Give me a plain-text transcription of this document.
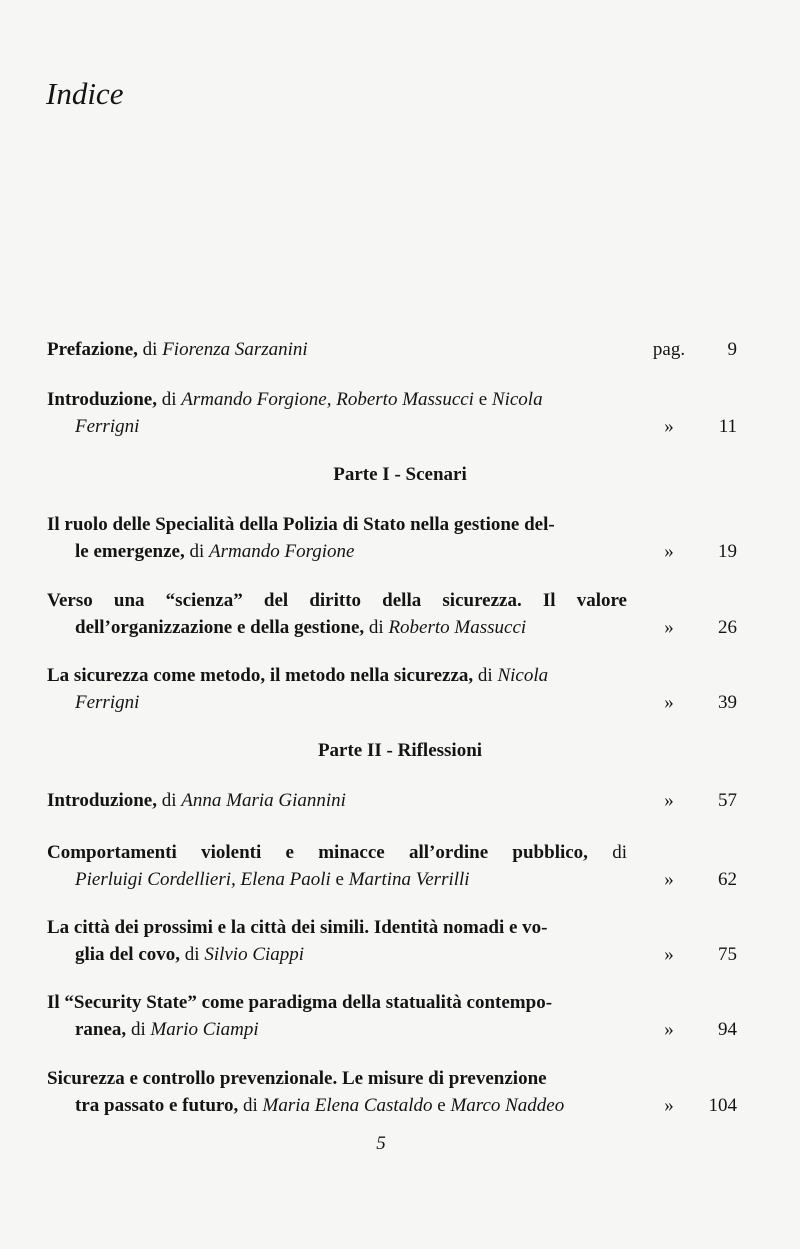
Indice
Prefazione, di Fiorenza Sarzanini	pag.	9
Introduzione, di Armando Forgione, Roberto Massucci e Nicola
Ferrigni	»	11
Parte I - Scenari
Il ruolo delle Specialità della Polizia di Stato nella gestione del-
le emergenze, di Armando Forgione	»	19
Verso una “scienza” del diritto della sicurezza. Il valore
dell’organizzazione e della gestione, di Roberto Massucci	»	26
La sicurezza come metodo, il metodo nella sicurezza, di Nicola
Ferrigni	»	39
Parte II - Riflessioni
Introduzione, di Anna Maria Giannini	»	57
Comportamenti violenti e minacce all’ordine pubblico, di
Pierluigi Cordellieri, Elena Paoli e Martina Verrilli	»	62
La città dei prossimi e la città dei simili. Identità nomadi e vo-
glia del covo, di Silvio Ciappi	»	75
Il “Security State” come paradigma della statualità contempo-
ranea, di Mario Ciampi	»	94
Sicurezza e controllo prevenzionale. Le misure di prevenzione
tra passato e futuro, di Maria Elena Castaldo e Marco Naddeo	»	104
5
